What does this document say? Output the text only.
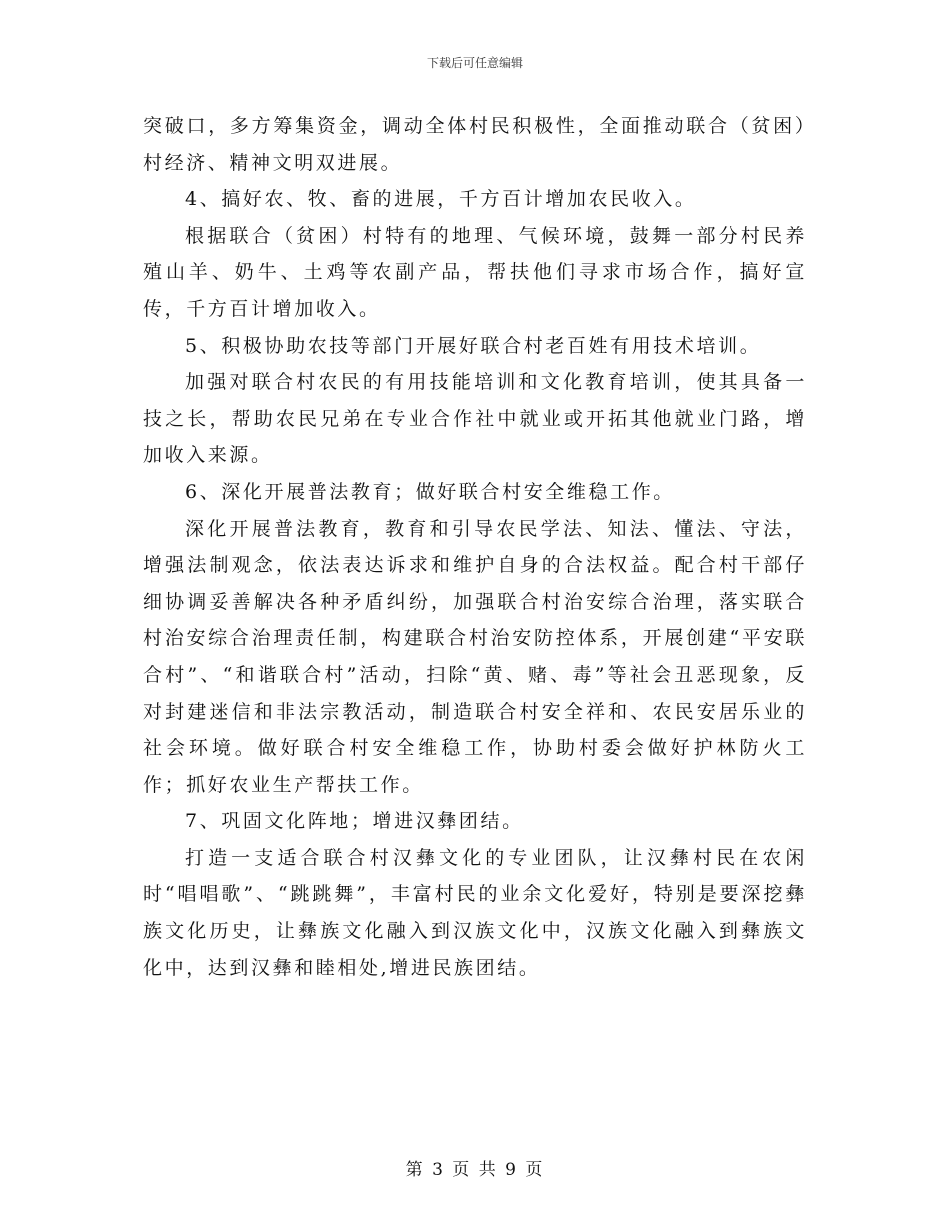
下载后可任意编辑

突破口，多方筹集资金，调动全体村民积极性，全面推动联合（贫困）村经济、精神文明双进展。

4、搞好农、牧、畜的进展，千方百计增加农民收入。

根据联合（贫困）村特有的地理、气候环境，鼓舞一部分村民养殖山羊、奶牛、土鸡等农副产品，帮扶他们寻求市场合作，搞好宣传，千方百计增加收入。

5、积极协助农技等部门开展好联合村老百姓有用技术培训。

加强对联合村农民的有用技能培训和文化教育培训，使其具备一技之长，帮助农民兄弟在专业合作社中就业或开拓其他就业门路，增加收入来源。

6、深化开展普法教育；做好联合村安全维稳工作。

深化开展普法教育，教育和引导农民学法、知法、懂法、守法，增强法制观念，依法表达诉求和维护自身的合法权益。配合村干部仔细协调妥善解决各种矛盾纠纷，加强联合村治安综合治理，落实联合村治安综合治理责任制，构建联合村治安防控体系，开展创建“平安联合村”、“和谐联合村”活动，扫除“黄、赌、毒”等社会丑恶现象，反对封建迷信和非法宗教活动，制造联合村安全祥和、农民安居乐业的社会环境。做好联合村安全维稳工作，协助村委会做好护林防火工作；抓好农业生产帮扶工作。

7、巩固文化阵地；增进汉彝团结。

打造一支适合联合村汉彝文化的专业团队，让汉彝村民在农闲时“唱唱歌”、“跳跳舞”，丰富村民的业余文化爱好，特别是要深挖彝族文化历史，让彝族文化融入到汉族文化中，汉族文化融入到彝族文化中，达到汉彝和睦相处,增进民族团结。

第 3 页 共 9 页
